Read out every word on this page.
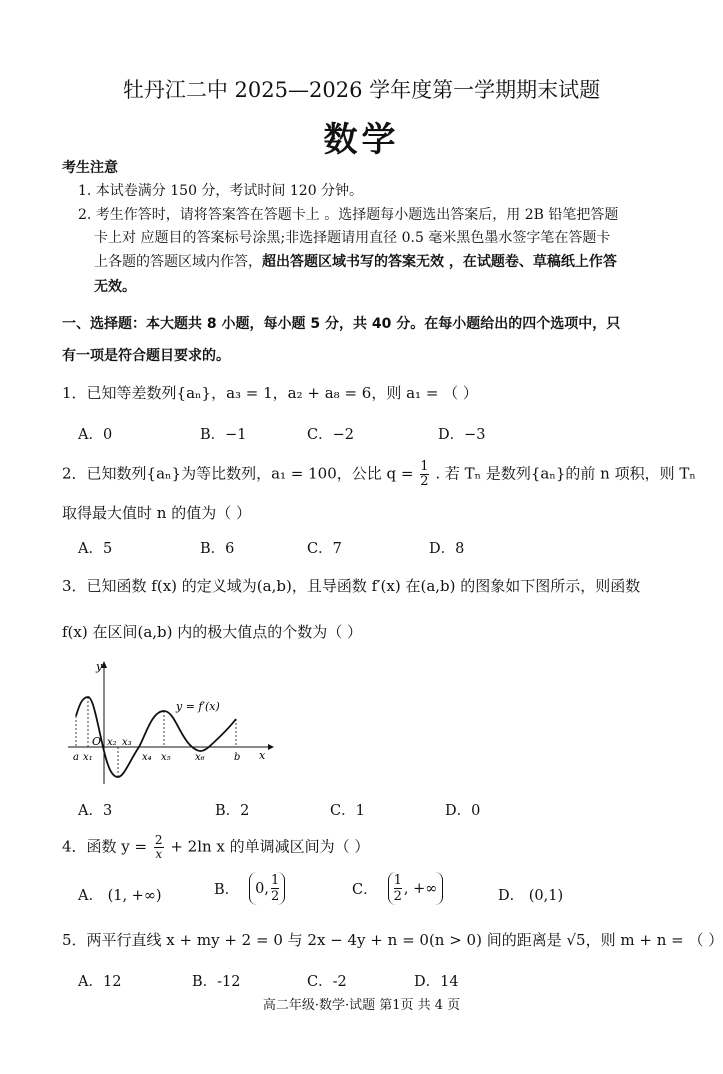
牡丹江二中 2025—2026 学年度第一学期期末试题
数学
考生注意
1. 本试卷满分 150 分，考试时间 120 分钟。
2. 考生作答时，请将答案答在答题卡上 。选择题每小题选出答案后，用 2B 铅笔把答题
卡上对 应题目的答案标号涂黑;非选择题请用直径 0.5 毫米黑色墨水签字笔在答题卡
上各题的答题区域内作答，超出答题区域书写的答案无效 ，在试题卷、草稿纸上作答
无效。
一、选择题：本大题共 8 小题，每小题 5 分，共 40 分。在每小题给出的四个选项中，只
有一项是符合题目要求的。
1．已知等差数列{aₙ}，a₃ = 1，a₂ + a₈ = 6，则 a₁ = （ ）
A．0	B．−1	C．−2	D．−3
2．已知数列{aₙ}为等比数列，a₁ = 100，公比 $q = \frac{1}{2}$ . 若 Tₙ 是数列{aₙ}的前 n 项积，则 Tₙ
取得最大值时 n 的值为（ ）
A．5	B．6	C．7	D．8
3．已知函数 f(x) 的定义域为(a,b)，且导函数 f′(x) 在(a,b) 的图象如下图所示，则函数
f(x) 在区间(a,b) 内的极大值点的个数为（ ）
y
x
O
y = f′(x)
a x₁
x₂ x₃
x₄ x₅ x₆	b
A．3	B．2	C．1	D．0
4．函数 $y = \frac{2}{x} + 2\ln$ x 的单调减区间为（ ）
A． (1, +∞)	B． 0, $\frac{1}{2}$	C． $\frac{1}{2}$ , +∞	D． (0,1)
5．两平行直线 x + my + 2 = 0 与 2x − 4y + n = 0(n > 0) 间的距离是 √5，则 m + n = （ ）
A．12	B．-12	C．-2	D．14
高二年级·数学·试题 第1页 共 4 页
